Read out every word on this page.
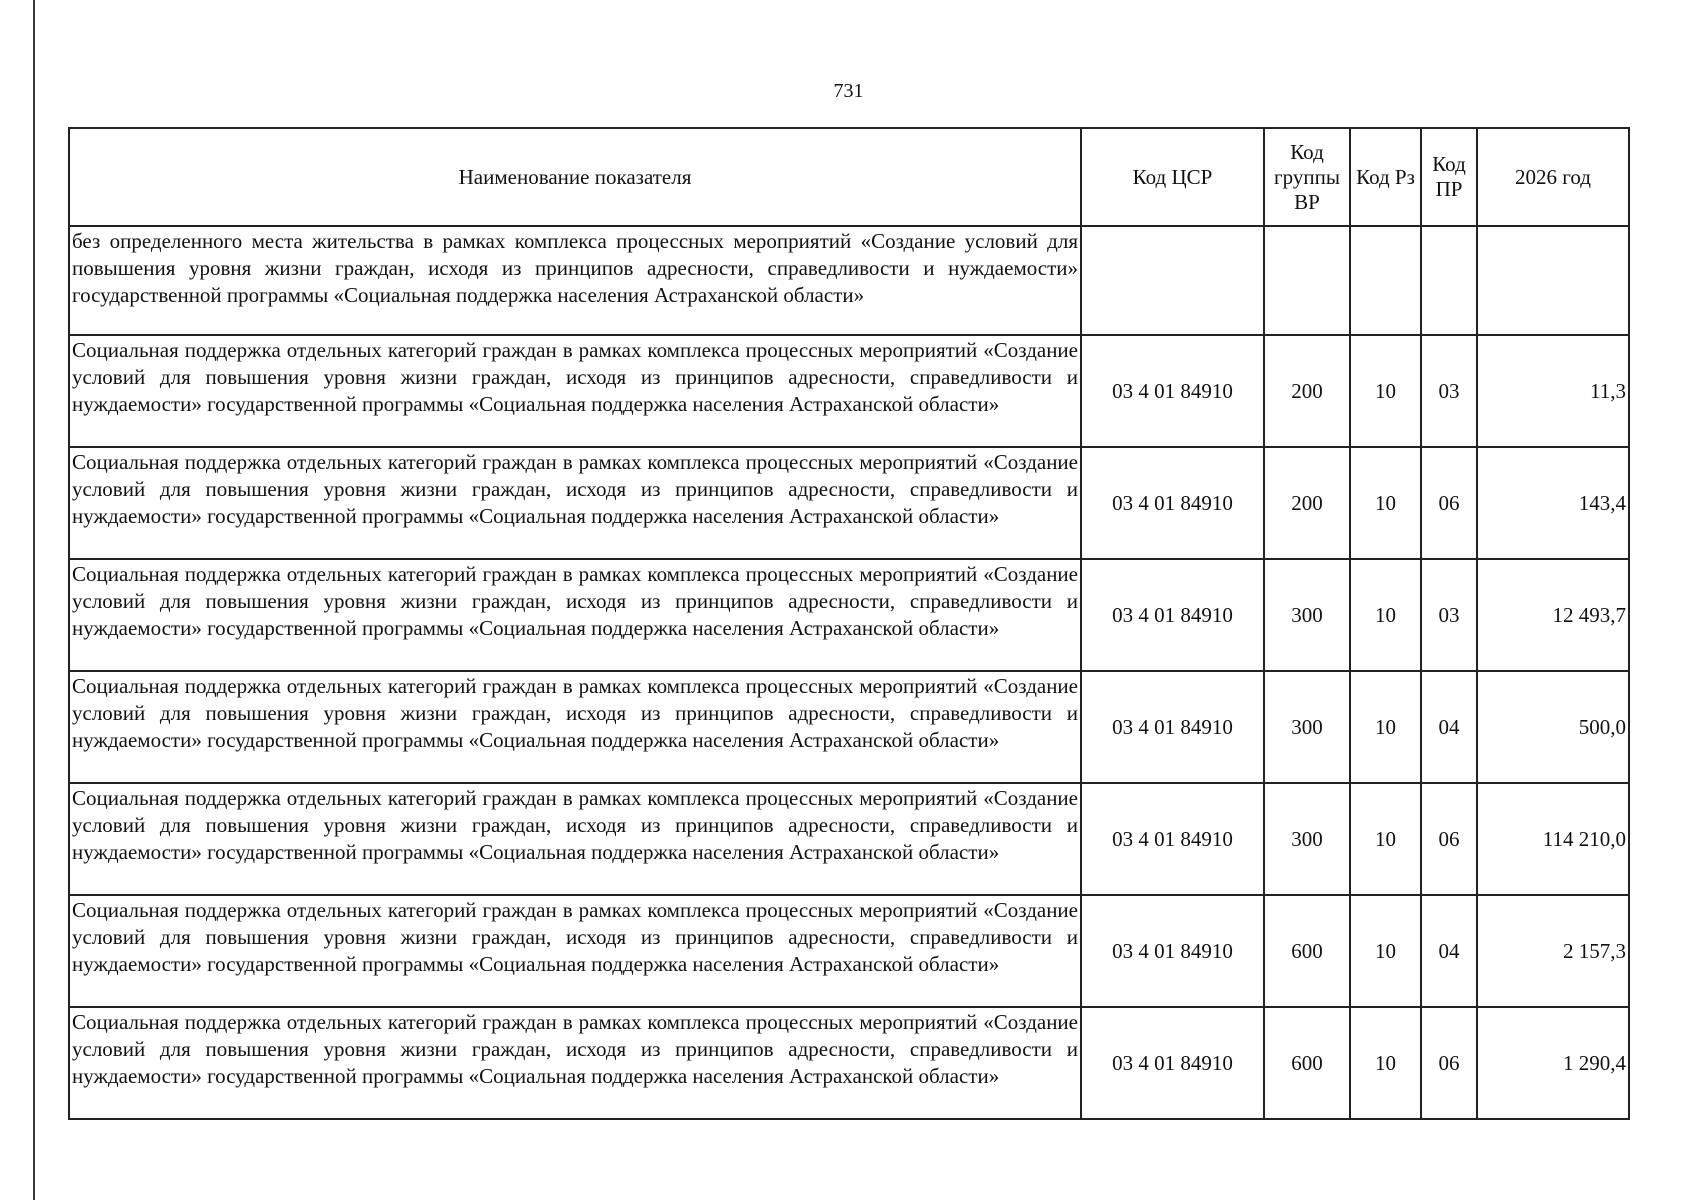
731
Наименование показателя	Код ЦСР	Код группы ВР	Код Рз	Код ПР	2026 год
без определенного места жительства в рамках комплекса процессных мероприятий «Создание условий для повышения уровня жизни граждан, исходя из принципов адресности, справедливости и нуждаемости» государственной программы «Социальная поддержка населения Астраханской области»					
Социальная поддержка отдельных категорий граждан в рамках комплекса процессных мероприятий «Создание условий для повышения уровня жизни граждан, исходя из принципов адресности, справедливости и нуждаемости» государственной программы «Социальная поддержка населения Астраханской области»	03 4 01 84910	200	10	03	11,3
Социальная поддержка отдельных категорий граждан в рамках комплекса процессных мероприятий «Создание условий для повышения уровня жизни граждан, исходя из принципов адресности, справедливости и нуждаемости» государственной программы «Социальная поддержка населения Астраханской области»	03 4 01 84910	200	10	06	143,4
Социальная поддержка отдельных категорий граждан в рамках комплекса процессных мероприятий «Создание условий для повышения уровня жизни граждан, исходя из принципов адресности, справедливости и нуждаемости» государственной программы «Социальная поддержка населения Астраханской области»	03 4 01 84910	300	10	03	12 493,7
Социальная поддержка отдельных категорий граждан в рамках комплекса процессных мероприятий «Создание условий для повышения уровня жизни граждан, исходя из принципов адресности, справедливости и нуждаемости» государственной программы «Социальная поддержка населения Астраханской области»	03 4 01 84910	300	10	04	500,0
Социальная поддержка отдельных категорий граждан в рамках комплекса процессных мероприятий «Создание условий для повышения уровня жизни граждан, исходя из принципов адресности, справедливости и нуждаемости» государственной программы «Социальная поддержка населения Астраханской области»	03 4 01 84910	300	10	06	114 210,0
Социальная поддержка отдельных категорий граждан в рамках комплекса процессных мероприятий «Создание условий для повышения уровня жизни граждан, исходя из принципов адресности, справедливости и нуждаемости» государственной программы «Социальная поддержка населения Астраханской области»	03 4 01 84910	600	10	04	2 157,3
Социальная поддержка отдельных категорий граждан в рамках комплекса процессных мероприятий «Создание условий для повышения уровня жизни граждан, исходя из принципов адресности, справедливости и нуждаемости» государственной программы «Социальная поддержка населения Астраханской области»	03 4 01 84910	600	10	06	1 290,4
